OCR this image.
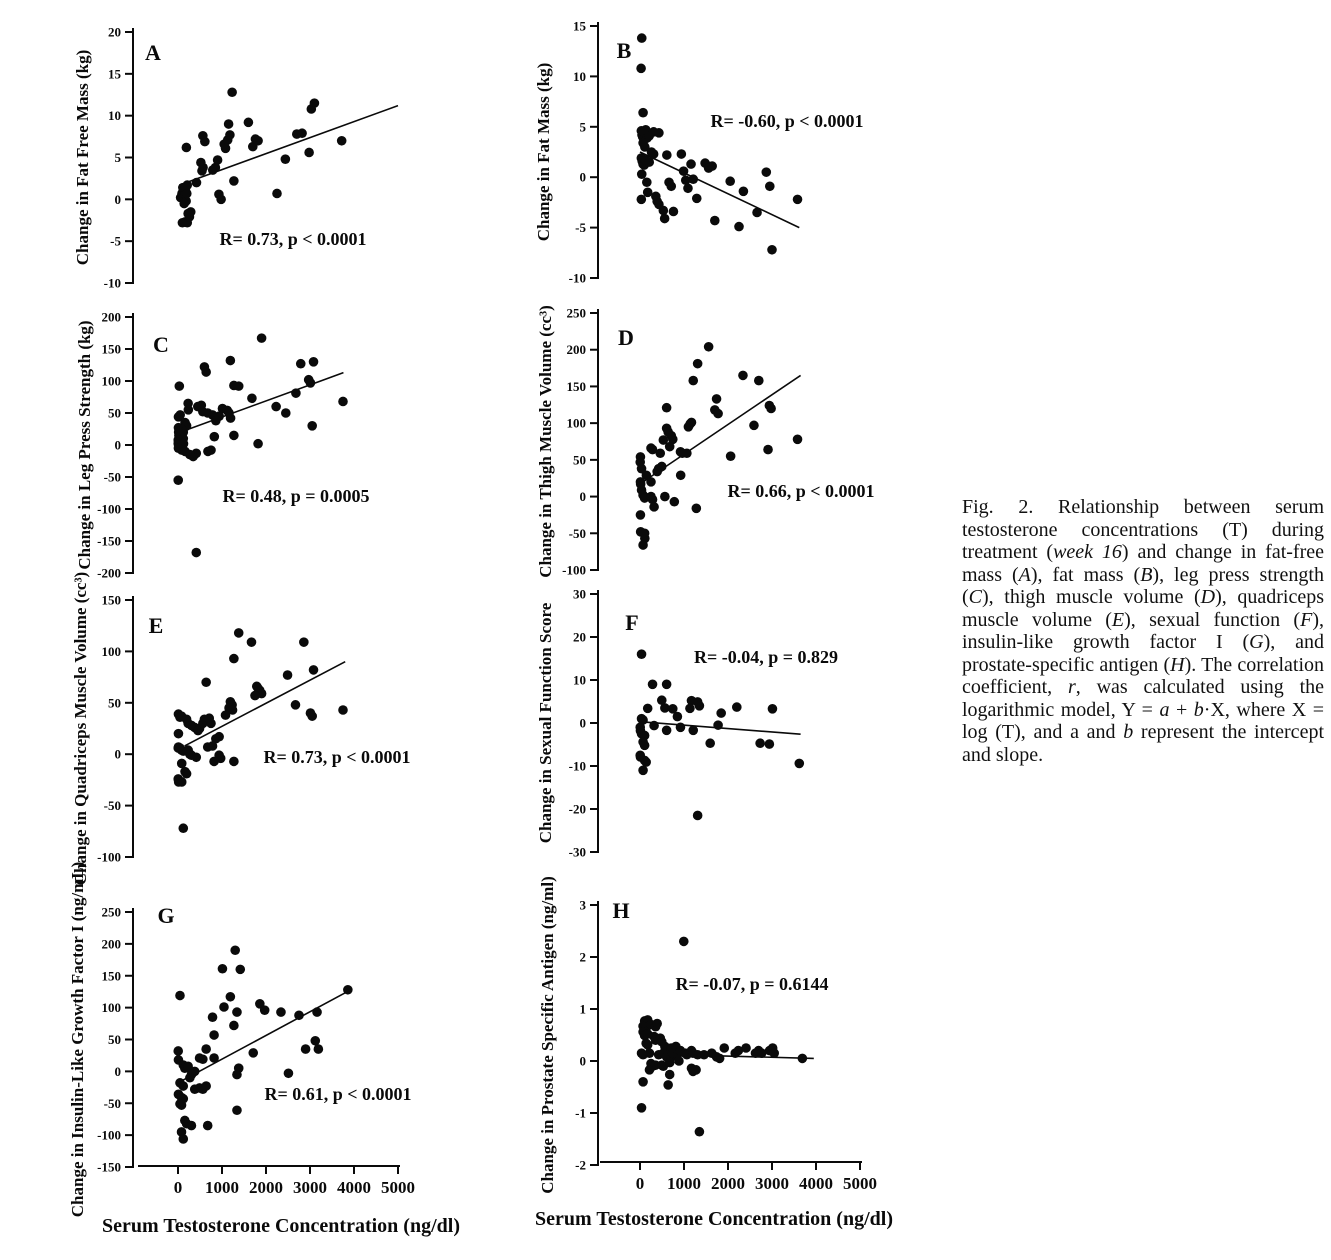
20
15
10
5
0
-5
-10
Change in Fat Free Mass (kg) A
R= 0.73, p < 0.0001
15
10
5
0
-5
-10
Change in Fat Mass (kg)
B
R= -0.60, p < 0.0001
200
150
100
50
0
-50
-100
-150
-200
Change in Leg Press Strength (kg)	C
R= 0.48, p = 0.0005
250
200
150
100
50
0
-50
-100
Change in Thigh Muscle Volume (cc³)	D
R= 0.66, p < 0.0001
150
100
50
0
-50
-100
Change in Quadriceps Muscle Volume (cc³)	E
R= 0.73, p < 0.0001
30
20
10
0
-10
-20
-30
Change in Sexual Function Score	F
R= -0.04, p = 0.829
250
200
150
100
50
0
-50
-100
-150
Change in Insulin-Like Growth Factor I (ng/mL)	G
R= 0.61, p < 0.0001
3
2
1
0
-1
-2
Change in Prostate Specific Antigen (ng/ml)	H
R= -0.07, p = 0.6144
0 1000 2000 3000 4000 5000	0 1000 2000 3000 4000 5000
Serum Testosterone Concentration (ng/dl)	Serum Testosterone Concentration (ng/dl)
Fig. 2. Relationship between serum testosterone concentrations (T) during treatment (week 16) and change in fat-free mass (A), fat mass (B), leg press strength (C), thigh muscle volume (D), quadriceps muscle volume (E), sexual function (F), insulin-like growth factor I (G), and prostate-specific antigen (H). The correlation coefficient, r, was calculated using the logarithmic model, Y = a + b·X, where X = log (T), and a and b represent the intercept and slope.
